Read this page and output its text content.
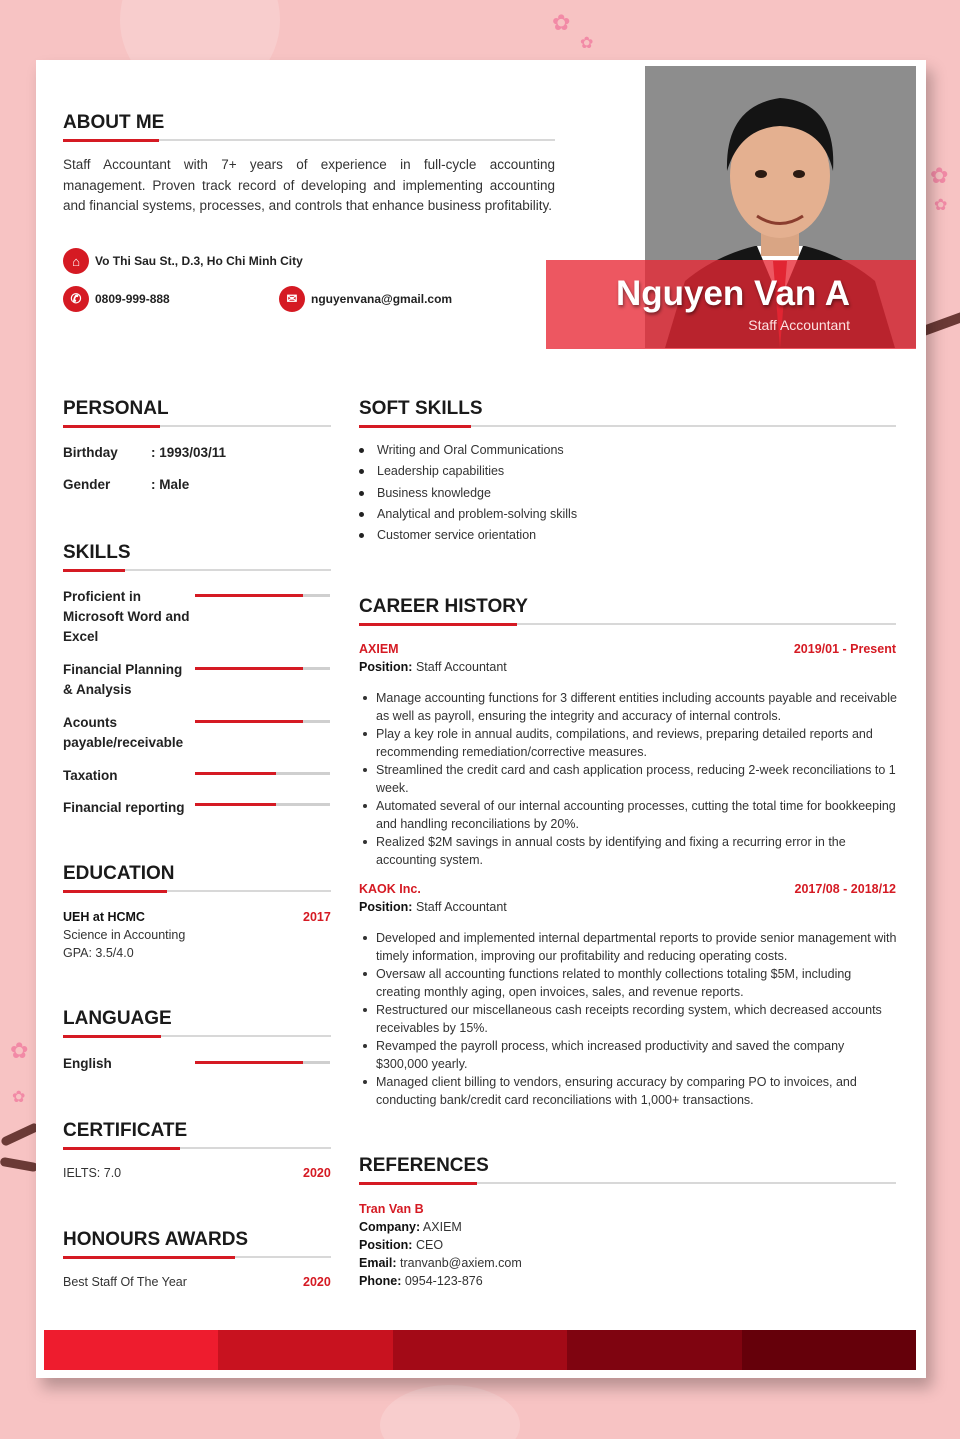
✿
✿
✿
✿
✿
✿
Nguyen Van A
Staff Accountant
ABOUT ME
Staff Accountant with 7+ years of experience in full-cycle accounting management. Proven track record of developing and implementing accounting and financial systems, processes, and controls that enhance business profitability.
⌂	Vo Thi Sau St., D.3, Ho Chi Minh City
✆	0809-999-888	✉	nguyenvana@gmail.com
PERSONAL
Birthday : 1993/03/11
Gender	: Male
SKILLS
Proficient in Microsoft Word and Excel
Financial Planning & Analysis
Acounts payable/receivable
Taxation
Financial reporting
EDUCATION
UEH at HCMC	2017
Science in Accounting
GPA: 3.5/4.0
LANGUAGE
English
CERTIFICATE
IELTS: 7.0	2020
HONOURS AWARDS
Best Staff Of The Year	2020
SOFT SKILLS
Writing and Oral Communications
Leadership capabilities
Business knowledge
Analytical and problem-solving skills
Customer service orientation
CAREER HISTORY
AXIEM	2019/01 - Present
Position: Staff Accountant
Manage accounting functions for 3 different entities including accounts payable and receivable as well as payroll, ensuring the integrity and accuracy of internal controls.
Play a key role in annual audits, compilations, and reviews, preparing detailed reports and recommending remediation/corrective measures.
Streamlined the credit card and cash application process, reducing 2-week reconciliations to 1 week.
Automated several of our internal accounting processes, cutting the total time for bookkeeping and handling reconciliations by 20%.
Realized $2M savings in annual costs by identifying and fixing a recurring error in the accounting system.
KAOK Inc.	2017/08 - 2018/12
Position: Staff Accountant
Developed and implemented internal departmental reports to provide senior management with timely information, improving our profitability and reducing operating costs.
Oversaw all accounting functions related to monthly collections totaling $5M, including creating monthly aging, open invoices, sales, and revenue reports.
Restructured our miscellaneous cash receipts recording system, which decreased accounts receivables by 15%.
Revamped the payroll process, which increased productivity and saved the company $300,000 yearly.
Managed client billing to vendors, ensuring accuracy by comparing PO to invoices, and conducting bank/credit card reconciliations with 1,000+ transactions.
REFERENCES
Tran Van B
Company: AXIEM
Position: CEO
Email: tranvanb@axiem.com
Phone: 0954-123-876
